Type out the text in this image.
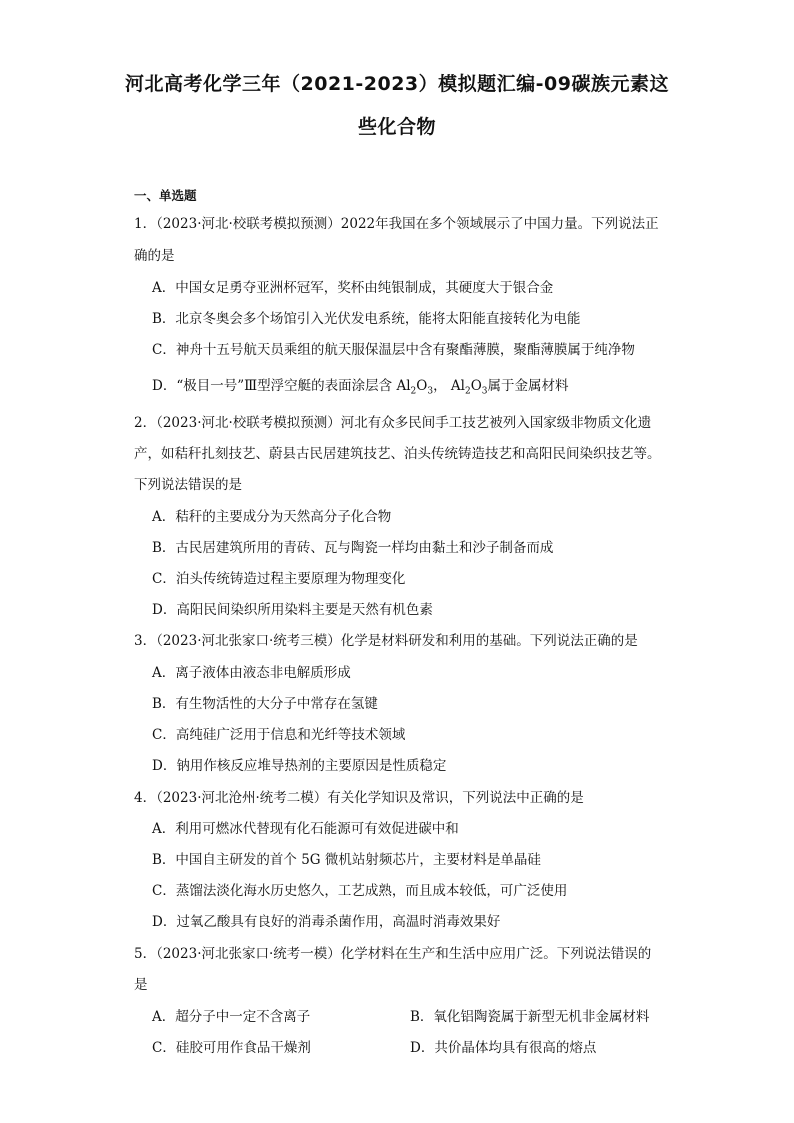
河北高考化学三年（2021-2023）模拟题汇编-09碳族元素这
些化合物
一、单选题
1．（2023·河北·校联考模拟预测）2022年我国在多个领域展示了中国力量。下列说法正
确的是
A．中国女足勇夺亚洲杯冠军，奖杯由纯银制成，其硬度大于银合金
B．北京冬奥会多个场馆引入光伏发电系统，能将太阳能直接转化为电能
C．神舟十五号航天员乘组的航天服保温层中含有聚酯薄膜，聚酯薄膜属于纯净物
D．“极目一号”Ⅲ型浮空艇的表面涂层含 $Al_2O_3$， $Al_2O_3$属于金属材料
2．（2023·河北·校联考模拟预测）河北有众多民间手工技艺被列入国家级非物质文化遗
产，如秸秆扎刻技艺、蔚县古民居建筑技艺、泊头传统铸造技艺和高阳民间染织技艺等。
下列说法错误的是
A．秸秆的主要成分为天然高分子化合物
B．古民居建筑所用的青砖、瓦与陶瓷一样均由黏土和沙子制备而成
C．泊头传统铸造过程主要原理为物理变化
D．高阳民间染织所用染料主要是天然有机色素
3．（2023·河北张家口·统考三模）化学是材料研发和利用的基础。下列说法正确的是
A．离子液体由液态非电解质形成
B．有生物活性的大分子中常存在氢键
C．高纯硅广泛用于信息和光纤等技术领域
D．钠用作核反应堆导热剂的主要原因是性质稳定
4．（2023·河北沧州·统考二模）有关化学知识及常识，下列说法中正确的是
A．利用可燃冰代替现有化石能源可有效促进碳中和
B．中国自主研发的首个 5G 微机站射频芯片，主要材料是单晶硅
C．蒸馏法淡化海水历史悠久，工艺成熟，而且成本较低，可广泛使用
D．过氧乙酸具有良好的消毒杀菌作用，高温时消毒效果好
5．（2023·河北张家口·统考一模）化学材料在生产和生活中应用广泛。下列说法错误的
是
A．超分子中一定不含离子	B．氧化铝陶瓷属于新型无机非金属材料
C．硅胶可用作食品干燥剂	D．共价晶体均具有很高的熔点
